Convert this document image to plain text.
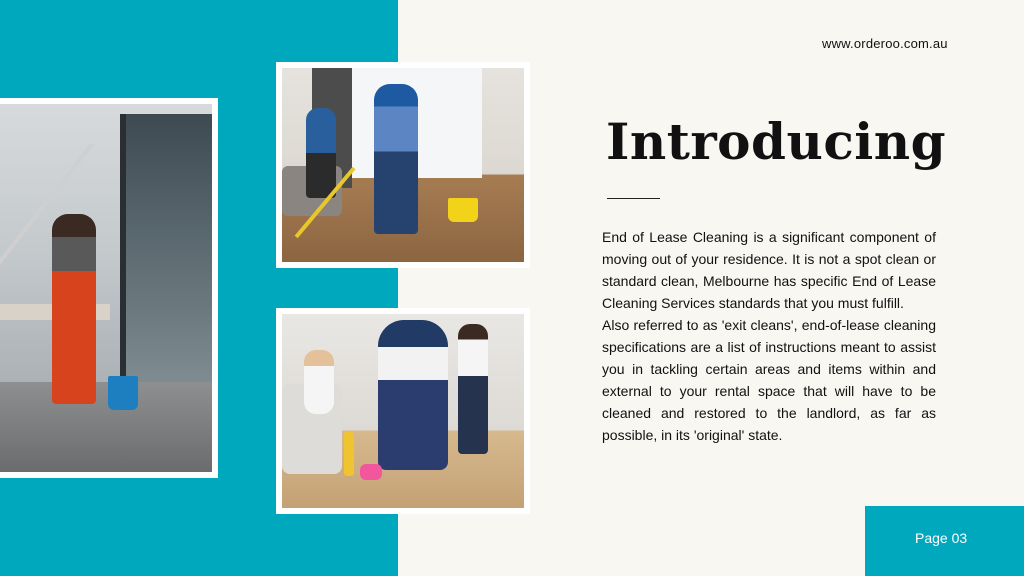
www.orderoo.com.au
Introducing

End of Lease Cleaning is a significant component of moving out of your residence. It is not a spot clean or standard clean, Melbourne has specific End of Lease Cleaning Services standards that you must fulfill.

Also referred to as 'exit cleans', end-of-lease cleaning specifications are a list of instructions meant to assist you in tackling certain areas and items within and external to your rental space that will have to be cleaned and restored to the landlord, as far as possible, in its 'original' state.

Page 03
